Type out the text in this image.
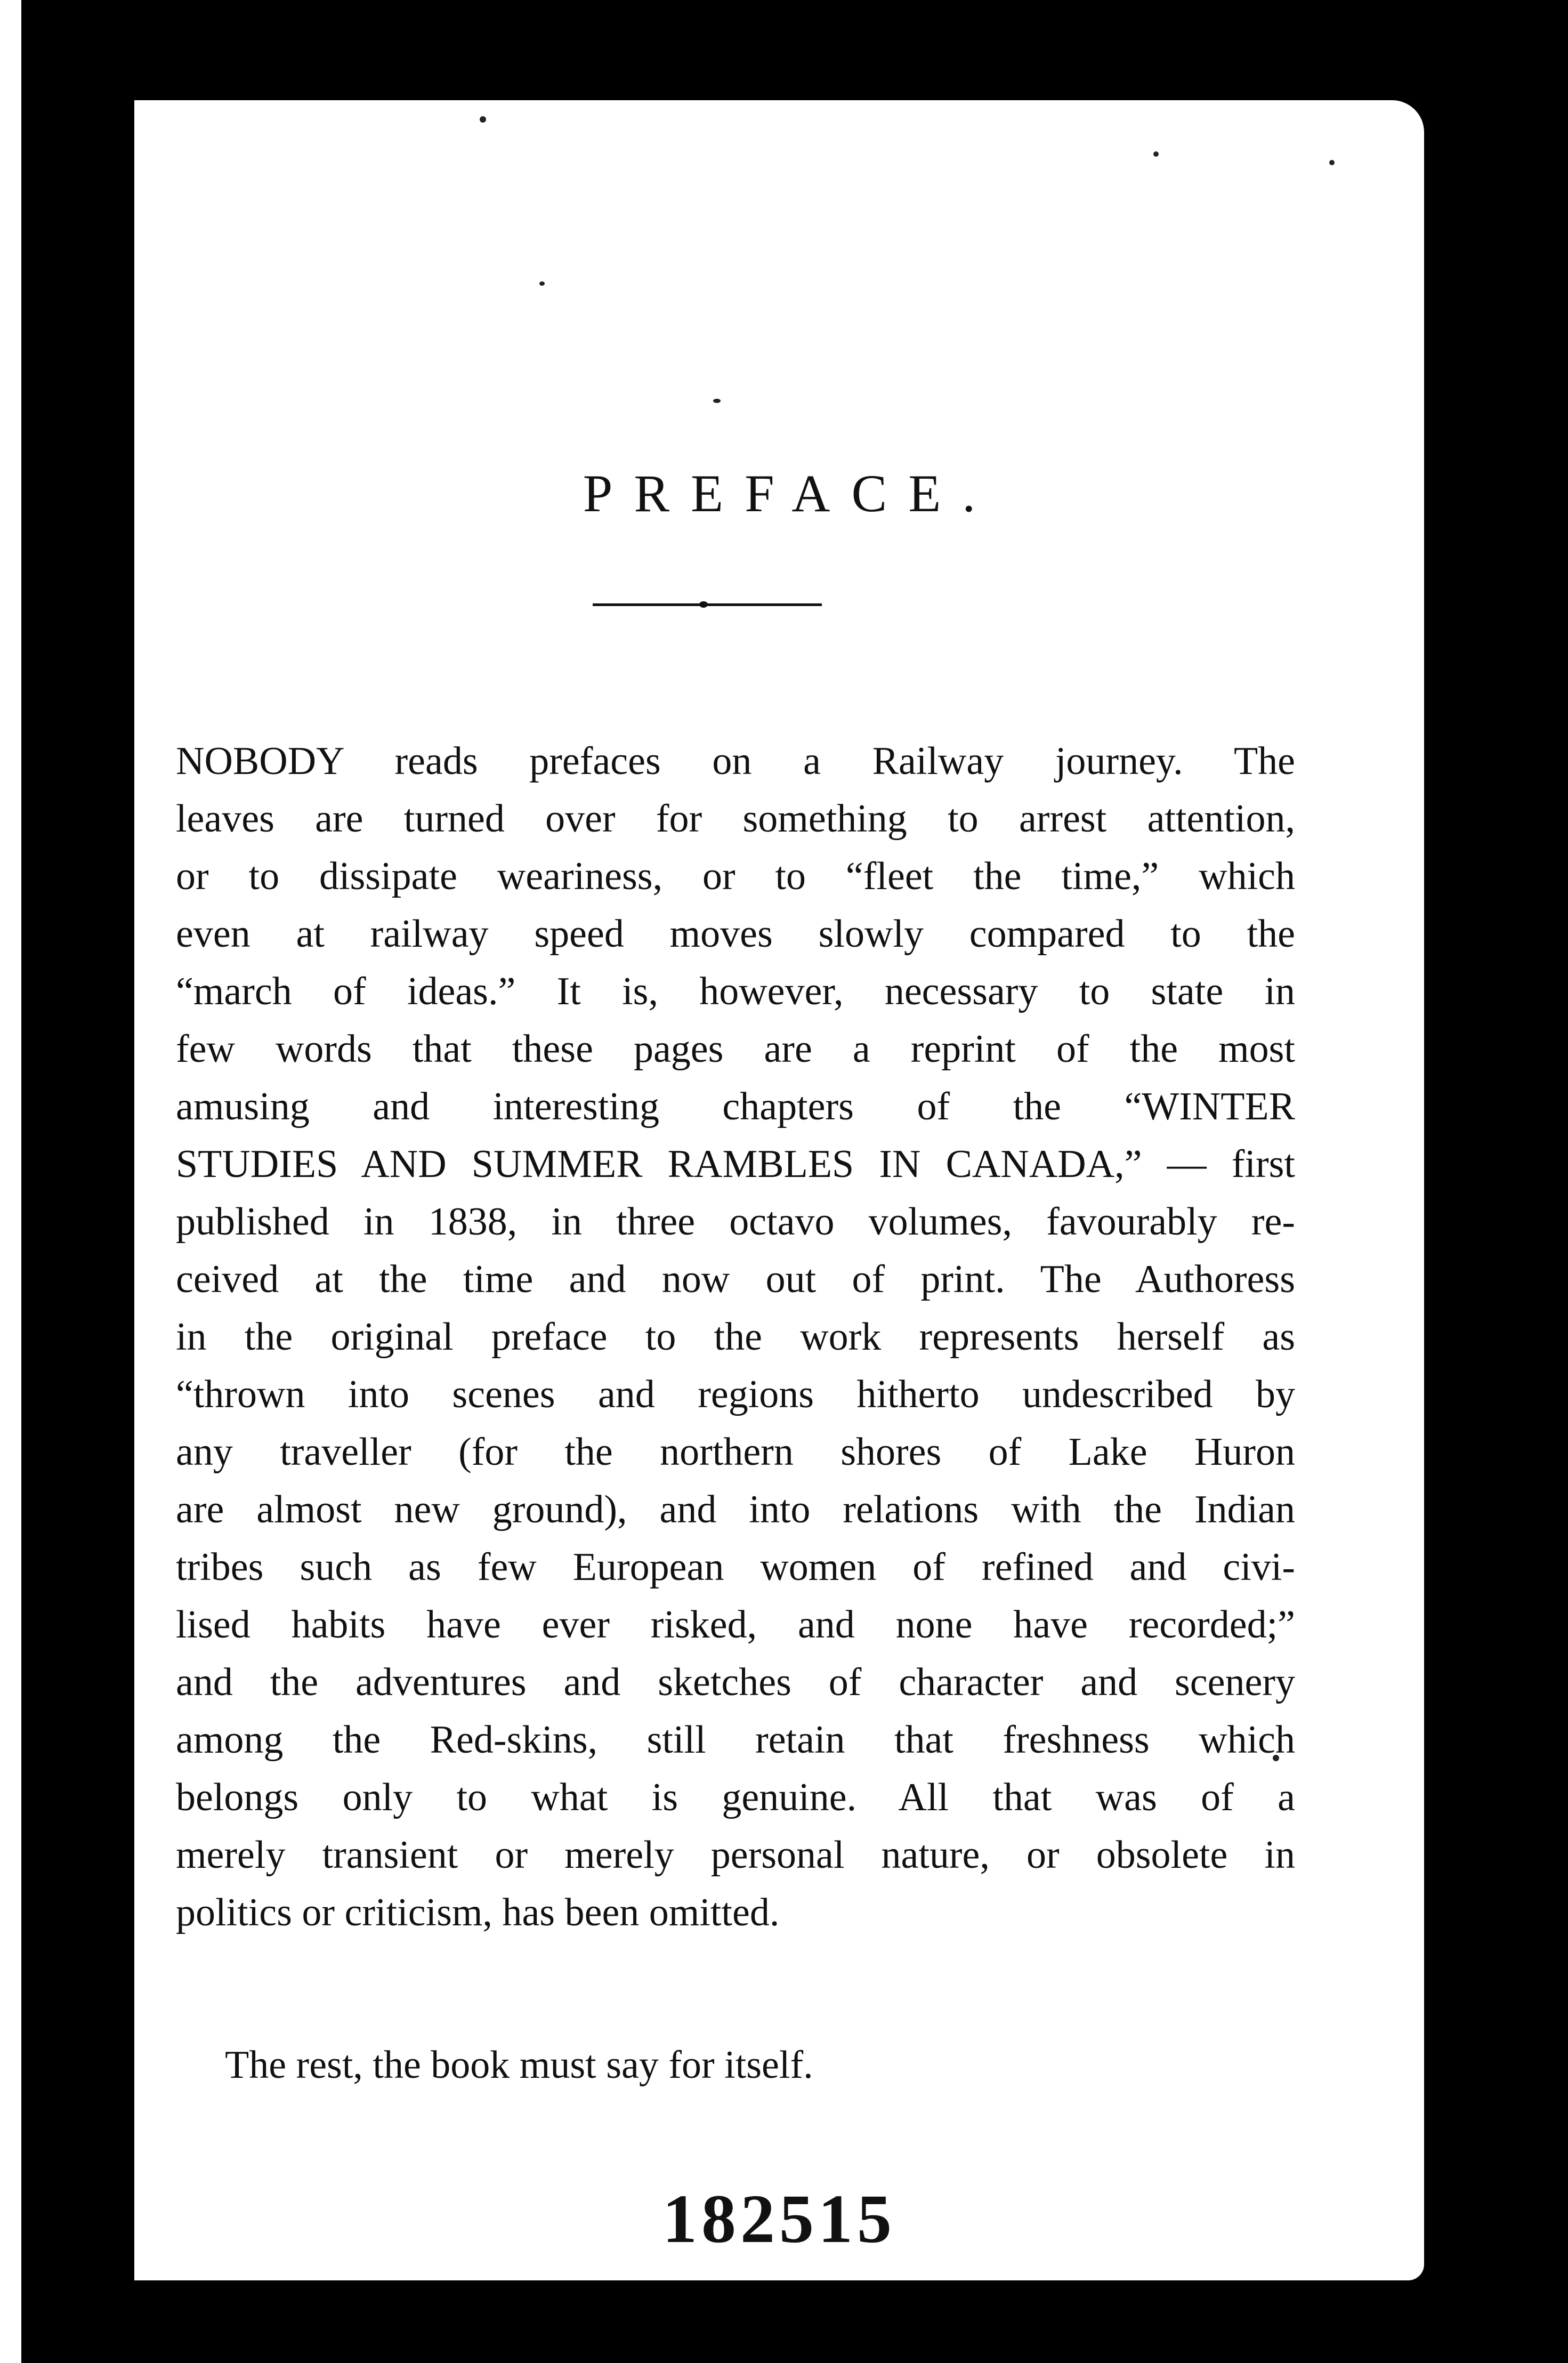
PREFACE.
NOBODY reads prefaces on a Railway journey. The
leaves are turned over for something to arrest attention,
or to dissipate weariness, or to “fleet the time,” which
even at railway speed moves slowly compared to the
“march of ideas.” It is, however, necessary to state in
few words that these pages are a reprint of the most
amusing and interesting chapters of the “WINTER
STUDIES AND SUMMER RAMBLES IN CANADA,” — first
published in 1838, in three octavo volumes, favourably re-
ceived at the time and now out of print. The Authoress
in the original preface to the work represents herself as
“thrown into scenes and regions hitherto undescribed by
any traveller (for the northern shores of Lake Huron
are almost new ground), and into relations with the Indian
tribes such as few European women of refined and civi-
lised habits have ever risked, and none have recorded;”
and the adventures and sketches of character and scenery
among the Red-skins, still retain that freshness which
belongs only to what is genuine. All that was of a
merely transient or merely personal nature, or obsolete in
politics or criticism, has been omitted.
The rest, the book must say for itself.
182515
